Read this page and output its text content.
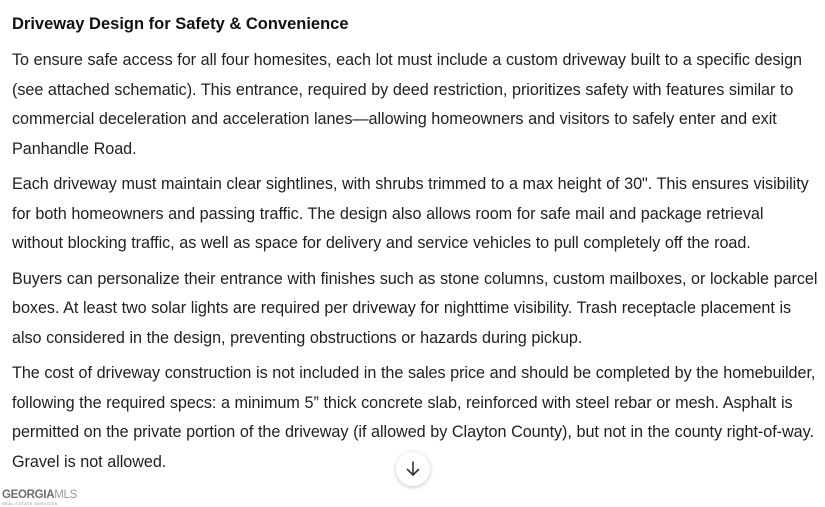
Driveway Design for Safety & Convenience

To ensure safe access for all four homesites, each lot must include a custom driveway built to a specific design (see attached schematic). This entrance, required by deed restriction, prioritizes safety with features similar to commercial deceleration and acceleration lanes—allowing homeowners and visitors to safely enter and exit Panhandle Road.

Each driveway must maintain clear sightlines, with shrubs trimmed to a max height of 30". This ensures visibility for both homeowners and passing traffic. The design also allows room for safe mail and package retrieval without blocking traffic, as well as space for delivery and service vehicles to pull completely off the road.

Buyers can personalize their entrance with finishes such as stone columns, custom mailboxes, or lockable parcel boxes. At least two solar lights are required per driveway for nighttime visibility. Trash receptacle placement is also considered in the design, preventing obstructions or hazards during pickup.

The cost of driveway construction is not included in the sales price and should be completed by the homebuilder, following the required specs: a minimum 5” thick concrete slab, reinforced with steel rebar or mesh. Asphalt is permitted on the private portion of the driveway (if allowed by Clayton County), but not in the county right-of-way. Gravel is not allowed.

GEORGIAMLS
REAL ESTATE SERVICES
